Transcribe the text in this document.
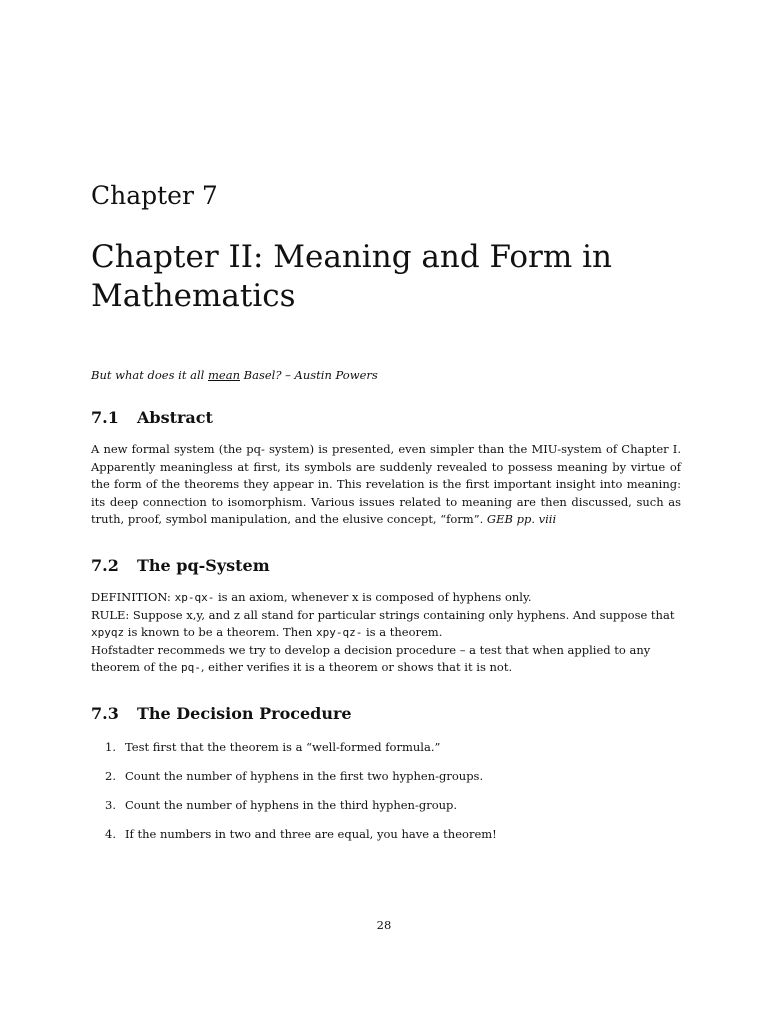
Chapter 7
Chapter II: Meaning and Form in Mathematics

But what does it all mean Basel? – Austin Powers

7.1 Abstract

A new formal system (the pq- system) is presented, even simpler than the MIU-system of Chapter I. Apparently meaningless at first, its symbols are suddenly revealed to possess meaning by virtue of the form of the theorems they appear in. This revelation is the first important insight into meaning: its deep connection to isomorphism. Various issues related to meaning are then discussed, such as truth, proof, symbol manipulation, and the elusive concept, “form”. GEB pp. viii

7.2 The pq-System

DEFINITION: xp-qx- is an axiom, whenever x is composed of hyphens only.
RULE: Suppose x,y, and z all stand for particular strings containing only hyphens. And suppose that xpyqz is known to be a theorem. Then xpy-qz- is a theorem.
Hofstadter recommeds we try to develop a decision procedure – a test that when applied to any theorem of the pq-, either verifies it is a theorem or shows that it is not.

7.3 The Decision Procedure
1. Test first that the theorem is a “well-formed formula.”
2. Count the number of hyphens in the first two hyphen-groups.
3. Count the number of hyphens in the third hyphen-group.
4. If the numbers in two and three are equal, you have a theorem!
28
